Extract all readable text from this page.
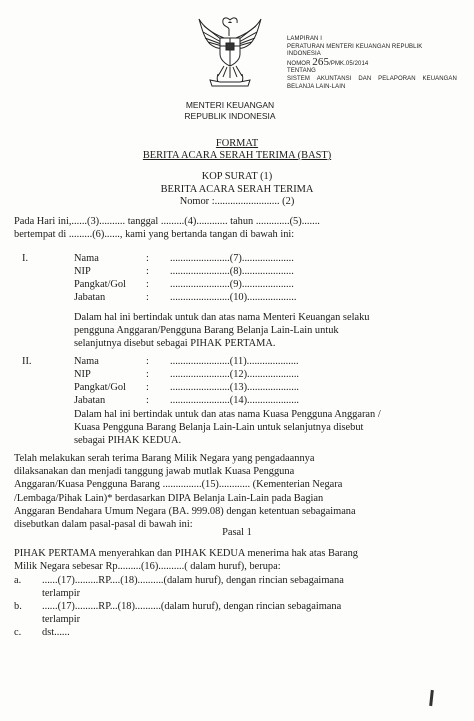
MENTERI KEUANGAN
REPUBLIK INDONESIA
LAMPIRAN I
PERATURAN MENTERI KEUANGAN REPUBLIK INDONESIA
NOMOR 265/PMK.05/2014
TENTANG
SISTEM AKUNTANSI DAN PELAPORAN KEUANGAN
BELANJA LAIN-LAIN
FORMAT
BERITA ACARA SERAH TERIMA (BAST)
KOP SURAT (1)
BERITA ACARA SERAH TERIMA
Nomor :......................... (2)
Pada Hari ini,......(3).......... tanggal .........(4)............ tahun .............(5).......
bertempat di .........(6)......, kami yang bertanda tangan di bawah ini:
I.	Nama	:	.......................(7)....................
NIP	:	.......................(8)....................
Pangkat/Gol	:	.......................(9)....................
Jabatan	:	.......................(10)...................
Dalam hal ini bertindak untuk dan atas nama Menteri Keuangan selaku
pengguna Anggaran/Pengguna Barang Belanja Lain-Lain untuk
selanjutnya disebut sebagai PIHAK PERTAMA.
II.	Nama	:	.......................(11)....................
NIP	:	.......................(12)....................
Pangkat/Gol	:	.......................(13)....................
Jabatan	:	.......................(14)....................
Dalam hal ini bertindak untuk dan atas nama Kuasa Pengguna Anggaran /
Kuasa Pengguna Barang Belanja Lain-Lain untuk selanjutnya disebut
sebagai PIHAK KEDUA.
Telah melakukan serah terima Barang Milik Negara yang pengadaannya
dilaksanakan dan menjadi tanggung jawab mutlak Kuasa Pengguna
Anggaran/Kuasa Pengguna Barang ...............(15)............ (Kementerian Negara
/Lembaga/Pihak Lain)* berdasarkan DIPA Belanja Lain-Lain pada Bagian
Anggaran Bendahara Umum Negara (BA. 999.08) dengan ketentuan sebagaimana
disebutkan dalam pasal-pasal di bawah ini:
Pasal 1
PIHAK PERTAMA menyerahkan dan PIHAK KEDUA menerima hak atas Barang
Milik Negara sebesar Rp.........(16)..........( dalam huruf), berupa:
a. ......(17).........RP....(18)..........(dalam huruf), dengan rincian sebagaimana
terlampir
b. ......(17).........RP...(18)..........(dalam huruf), dengan rincian sebagaimana
terlampir
c. dst......
